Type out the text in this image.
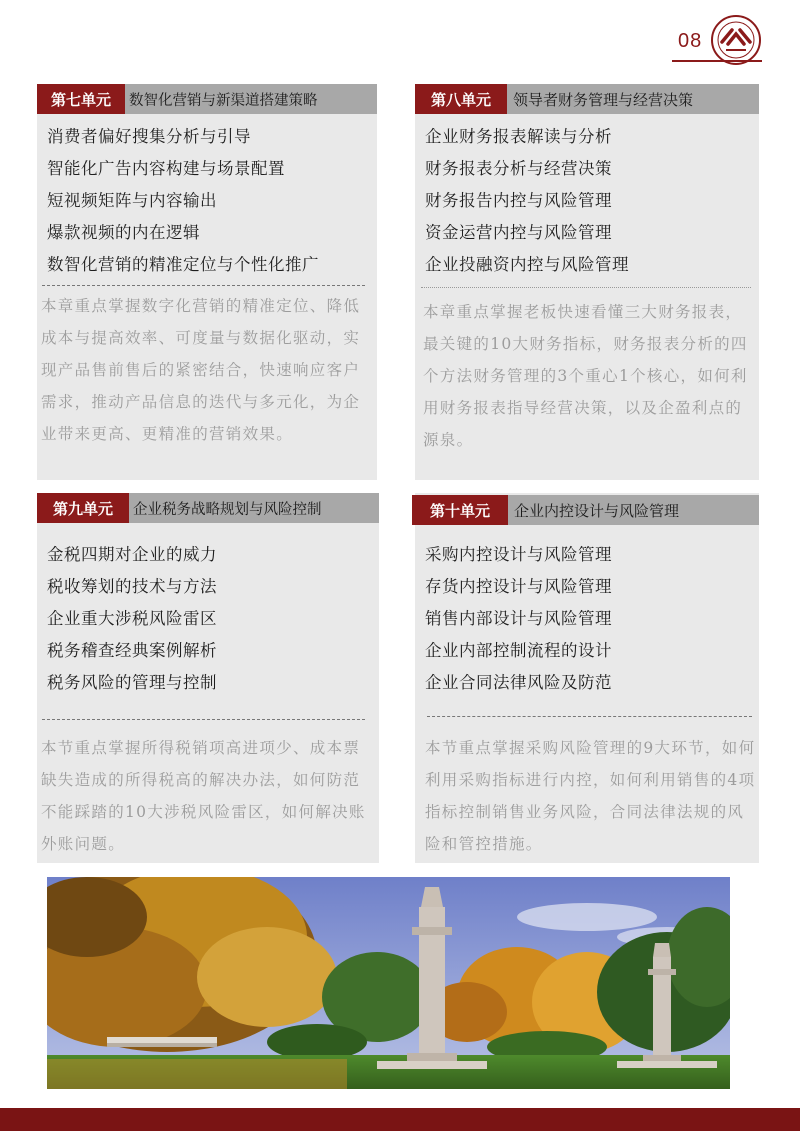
08
第七单元	数智化营销与新渠道搭建策略
消费者偏好搜集分析与引导
智能化广告内容构建与场景配置
短视频矩阵与内容输出
爆款视频的内在逻辑
数智化营销的精准定位与个性化推广

本章重点掌握数字化营销的精准定位、降低成本与提高效率、可度量与数据化驱动，实现产品售前售后的紧密结合，快速响应客户需求，推动产品信息的迭代与多元化，为企业带来更高、更精准的营销效果。

第八单元	领导者财务管理与经营决策
企业财务报表解读与分析
财务报表分析与经营决策
财务报告内控与风险管理
资金运营内控与风险管理
企业投融资内控与风险管理

本章重点掌握老板快速看懂三大财务报表，最关键的10大财务指标，财务报表分析的四个方法财务管理的3个重心1个核心，如何利用财务报表指导经营决策，以及企盈利点的源泉。

第九单元	企业税务战略规划与风险控制
金税四期对企业的威力
税收筹划的技术与方法
企业重大涉税风险雷区
税务稽查经典案例解析
税务风险的管理与控制

本节重点掌握所得税销项高进项少、成本票缺失造成的所得税高的解决办法，如何防范不能踩踏的10大涉税风险雷区，如何解决账外账问题。

第十单元	企业内控设计与风险管理
采购内控设计与风险管理
存货内控设计与风险管理
销售内部设计与风险管理
企业内部控制流程的设计
企业合同法律风险及防范

本节重点掌握采购风险管理的9大环节，如何利用采购指标进行内控，如何利用销售的4项指标控制销售业务风险，合同法律法规的风险和管控措施。
